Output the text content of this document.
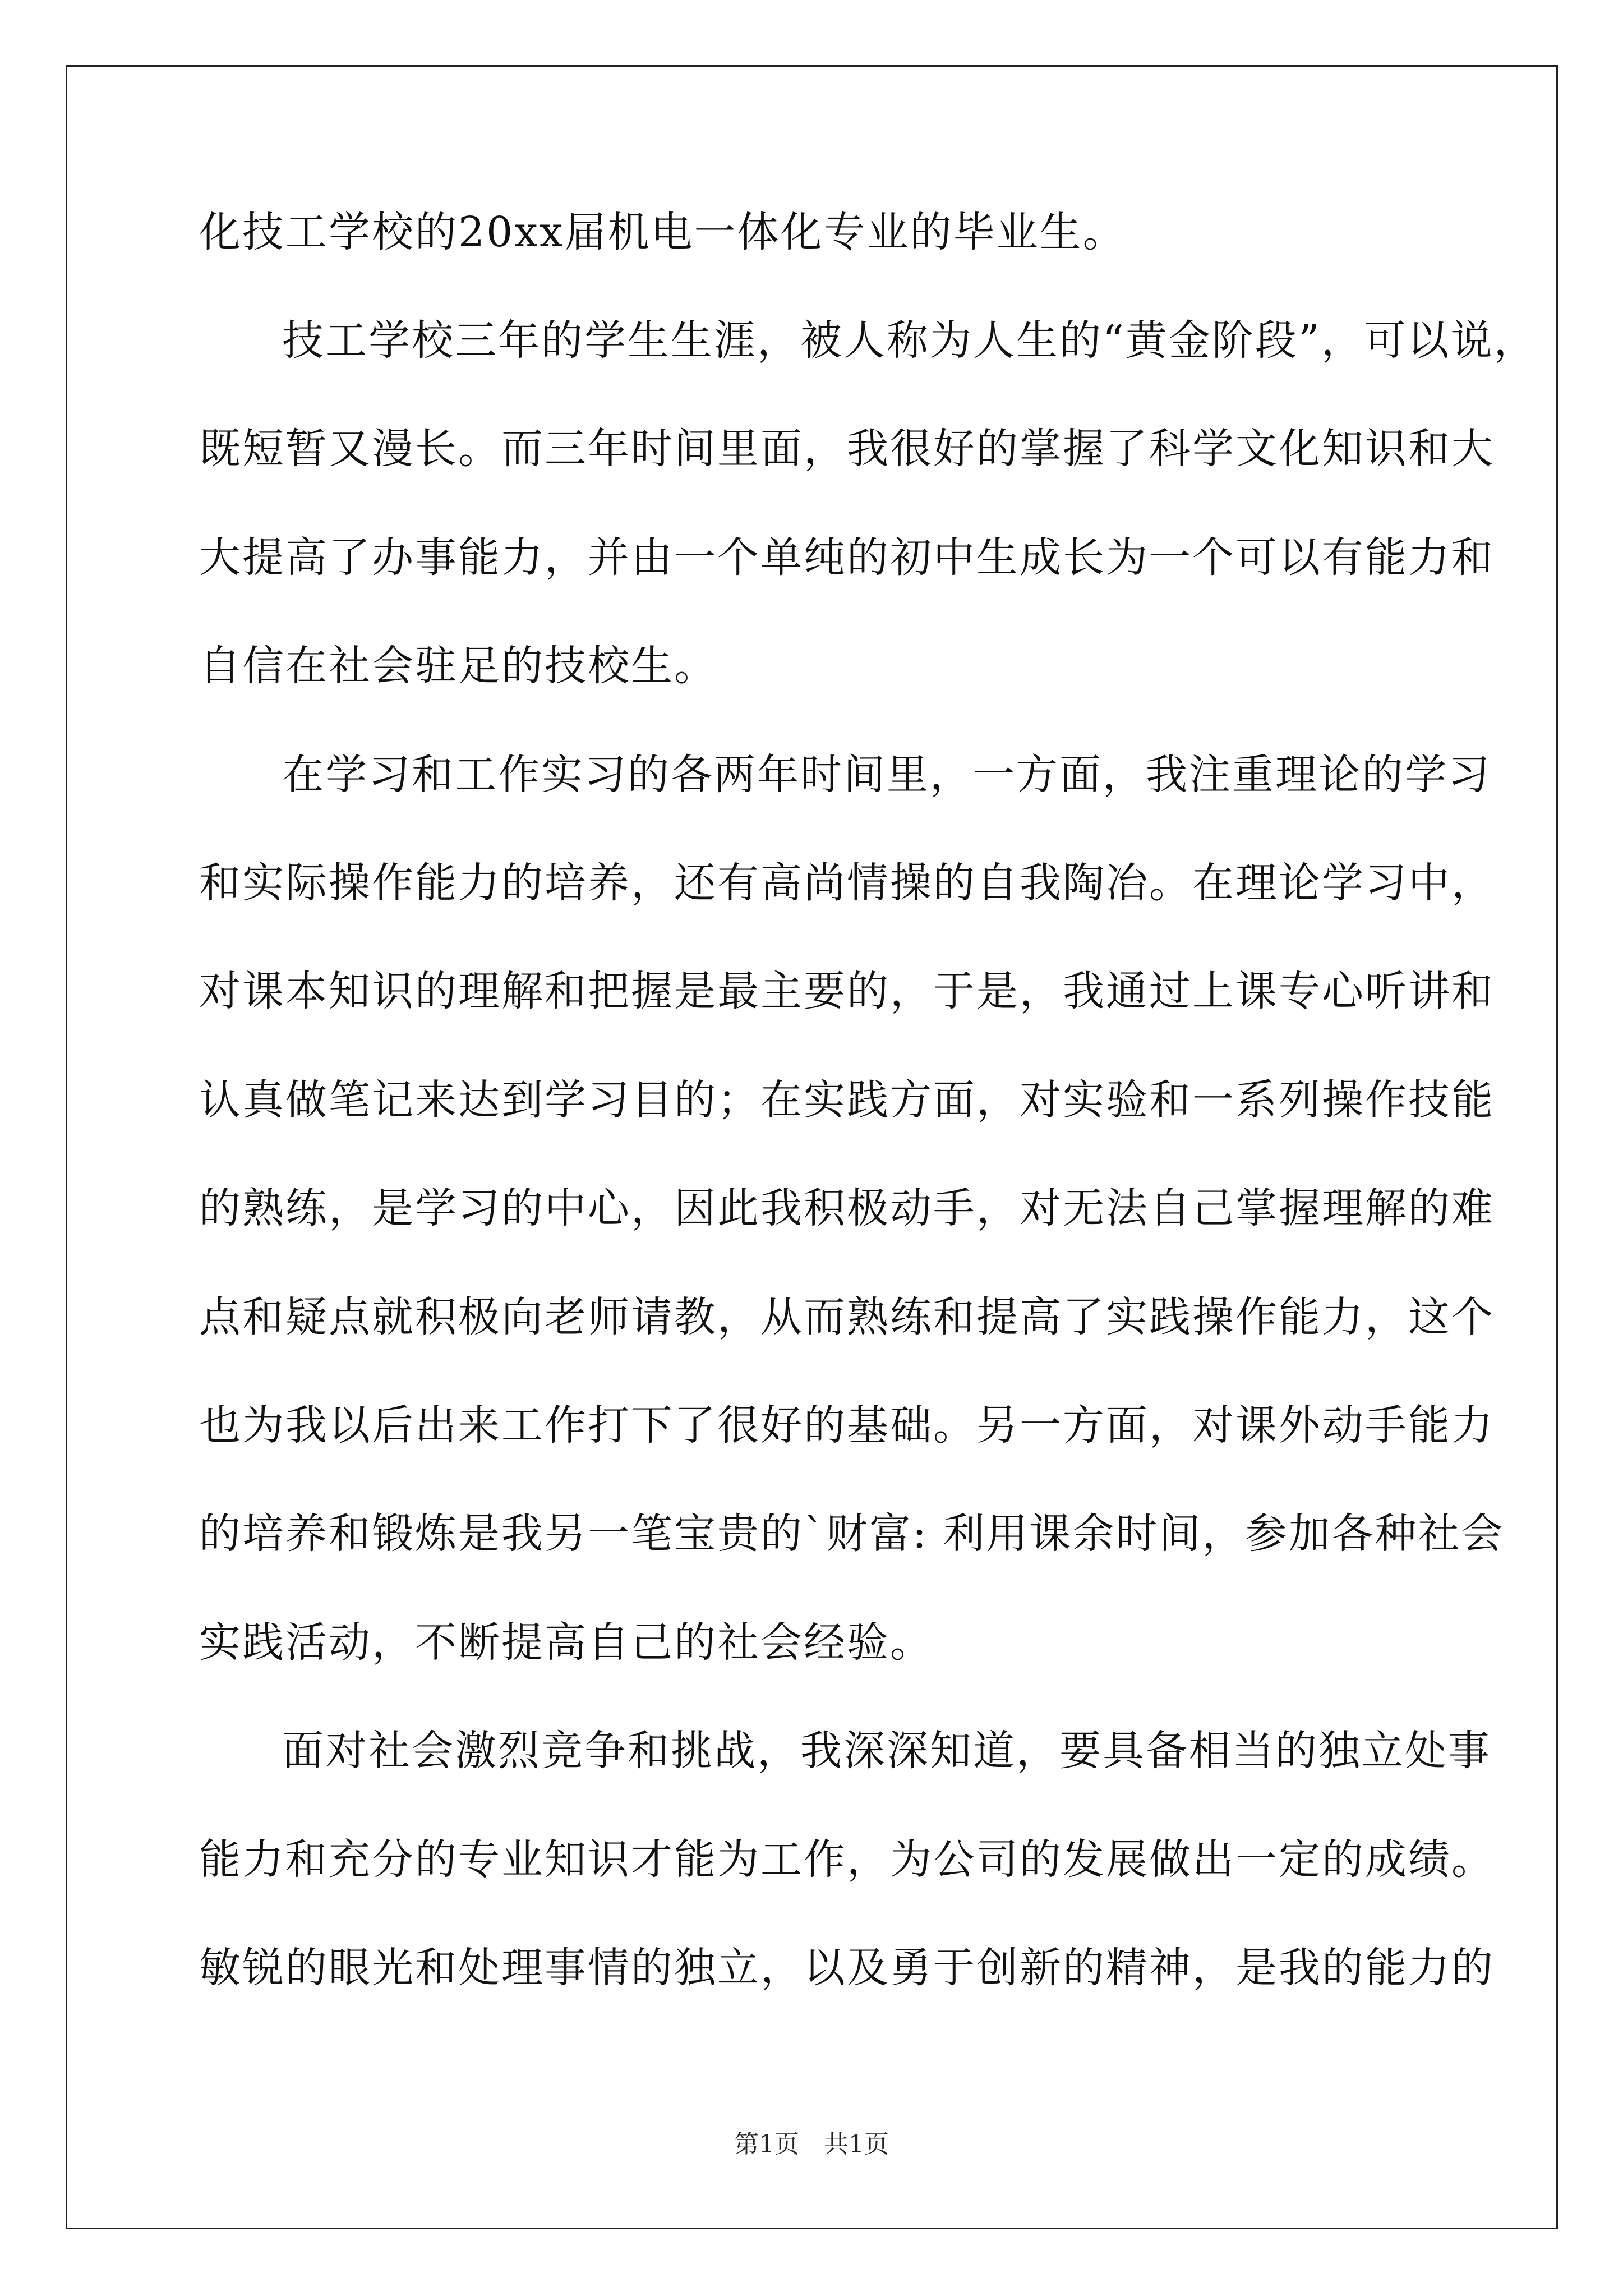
化技工学校的20xx届机电一体化专业的毕业生。
技工学校三年的学生生涯，被人称为人生的“黄金阶段”，可以说，
既短暂又漫长。而三年时间里面，我很好的掌握了科学文化知识和大
大提高了办事能力，并由一个单纯的初中生成长为一个可以有能力和
自信在社会驻足的技校生。
在学习和工作实习的各两年时间里，一方面，我注重理论的学习
和实际操作能力的培养，还有高尚情操的自我陶冶。在理论学习中，
对课本知识的理解和把握是最主要的，于是，我通过上课专心听讲和
认真做笔记来达到学习目的；在实践方面，对实验和一系列操作技能
的熟练，是学习的中心，因此我积极动手，对无法自己掌握理解的难
点和疑点就积极向老师请教，从而熟练和提高了实践操作能力，这个
也为我以后出来工作打下了很好的基础。另一方面，对课外动手能力
的培养和锻炼是我另一笔宝贵的`财富: 利用课余时间，参加各种社会
实践活动，不断提高自己的社会经验。
面对社会激烈竞争和挑战，我深深知道，要具备相当的独立处事
能力和充分的专业知识才能为工作，为公司的发展做出一定的成绩。
敏锐的眼光和处理事情的独立，以及勇于创新的精神，是我的能力的
第1页　共1页
